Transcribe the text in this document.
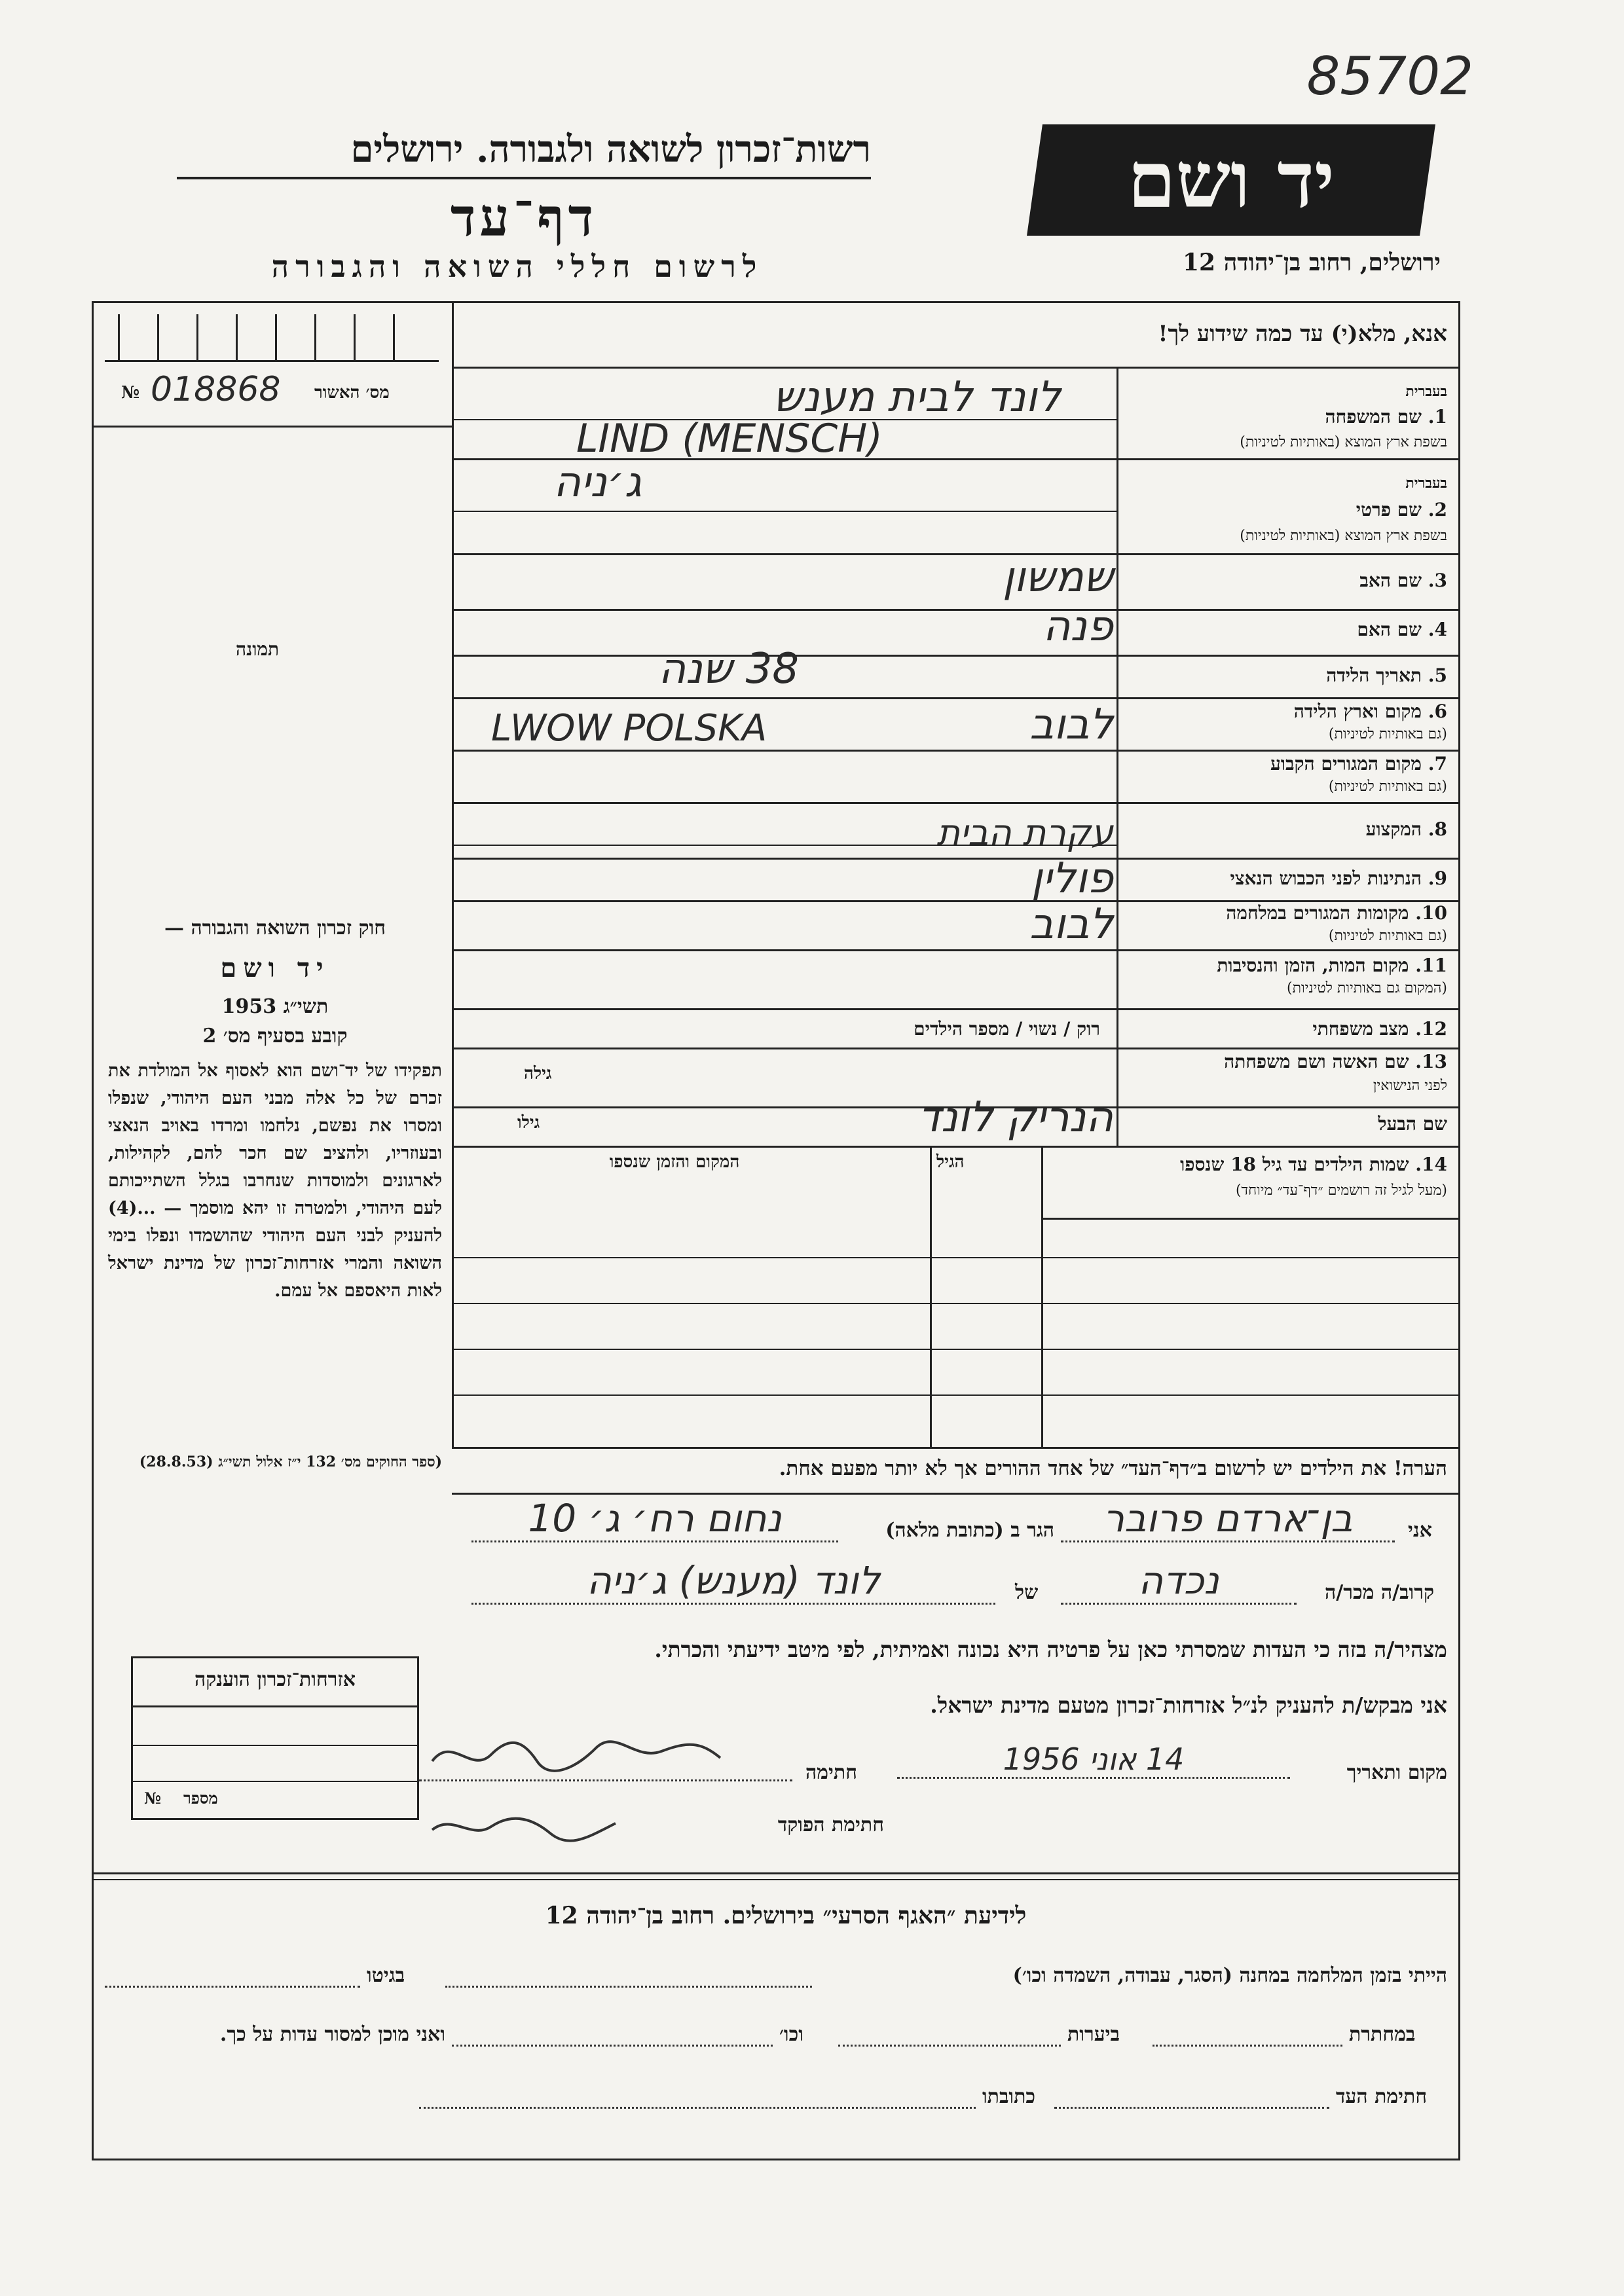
85702
רשות־זכרון לשואה ולגבורה. ירושלים
דף־עד
לרשום חללי השואה והגבורה
יד ושם
ירושלים, רחוב בן־יהודה 12
אנא, מלא(י) עד כמה שידוע לך!
№ 018868 מס׳ האשור
תמונה
בעברית
1. שם המשפחה
בשפת ארץ המוצא (באותיות לטיניות)
לונד לבית מענש
LIND (MENSCH)
בעברית
2. שם פרטי
בשפת ארץ המוצא (באותיות לטיניות)
ג׳ניה
3. שם האב
שמשון
4. שם האם
פנה
5. תאריך הלידה
38 שנה
6. מקום וארץ הלידה
(גם באותיות לטיניות)
LWOW POLSKA	לבוב
7. מקום המגורים הקבוע
(גם באותיות לטיניות)
8. המקצוע
עקרת הבית
9. הנתינות לפני הכבוש הנאצי
פולין
10. מקומות המגורים במלחמה
(גם באותיות לטיניות)
לבוב
11. מקום המות, הזמן והנסיבות
(המקום גם באותיות לטיניות)
12. מצב משפחתי
רוק / נשוי / מספר הילדים
13. שם האשה ושם משפחתה
לפני הנישואין
גילה
שם הבעל
הנריק לונד
גילו
14. שמות הילדים עד גיל 18 שנספו
(מעל לגיל זה רושמים ״דף־עד״ מיוחד)
הגיל
המקום והזמן שנספו
חוק זכרון השואה והגבורה —
יד ושם
תשי״ג 1953
קובע בסעיף מס׳ 2
תפקידו של יד־ושם הוא לאסוף אל המולדת את זכרם של כל אלה מבני העם היהודי, שנפלו ומסרו את נפשם, נלחמו ומרדו באויב הנאצי ובעוזריו, ולהציב שם חכר להם, לקהילות, לארגונים ולמוסדות שנחרבו בגלל השתייכותם לעם היהודי, ולמטרה זו יהא מוסמך — ...(4) להעניק לבני העם היהודי שהושמדו ונפלו בימי השואה והמרי אזרחות־זכרון של מדינת ישראל לאות היאספם אל עמם.
(ספר החוקים מס׳ 132 י״ז אלול תשי״ג (28.8.53)	הערה! את הילדים יש לרשום ב״דף־העד״ של אחד ההורים אך לא יותר מפעם אחת.
אני
בן־ארדם פרובר
הגר ב (כתובת מלאה)
נחום רח׳ ג׳ 10
קרוב/ה מכר/ה
נכדה
של
לונד (מענש) ג׳ניה
מצהיר/ה בזה כי העדות שמסרתי כאן על פרטיה היא נכונה ואמיתית, לפי מיטב ידיעתי והכרתי.
אני מבקש/ת להעניק לנ״ל אזרחות־זכרון מטעם מדינת ישראל.
מקום ותאריך
14 אוני 1956
חתימה
חתימת הפוקד
אזרחות־זכרון הוענקה
№ מספר
לידיעת ״האגף הסרעי״ בירושלים. רחוב בן־יהודה 12
הייתי בזמן המלחמה במחנה (הסגר, עבודה, השמדה וכו׳)
בגיטו
במחתרת
ביערות
וכו׳
ואני מוכן למסור עדות על כך.
חתימת העד
כתובתו
